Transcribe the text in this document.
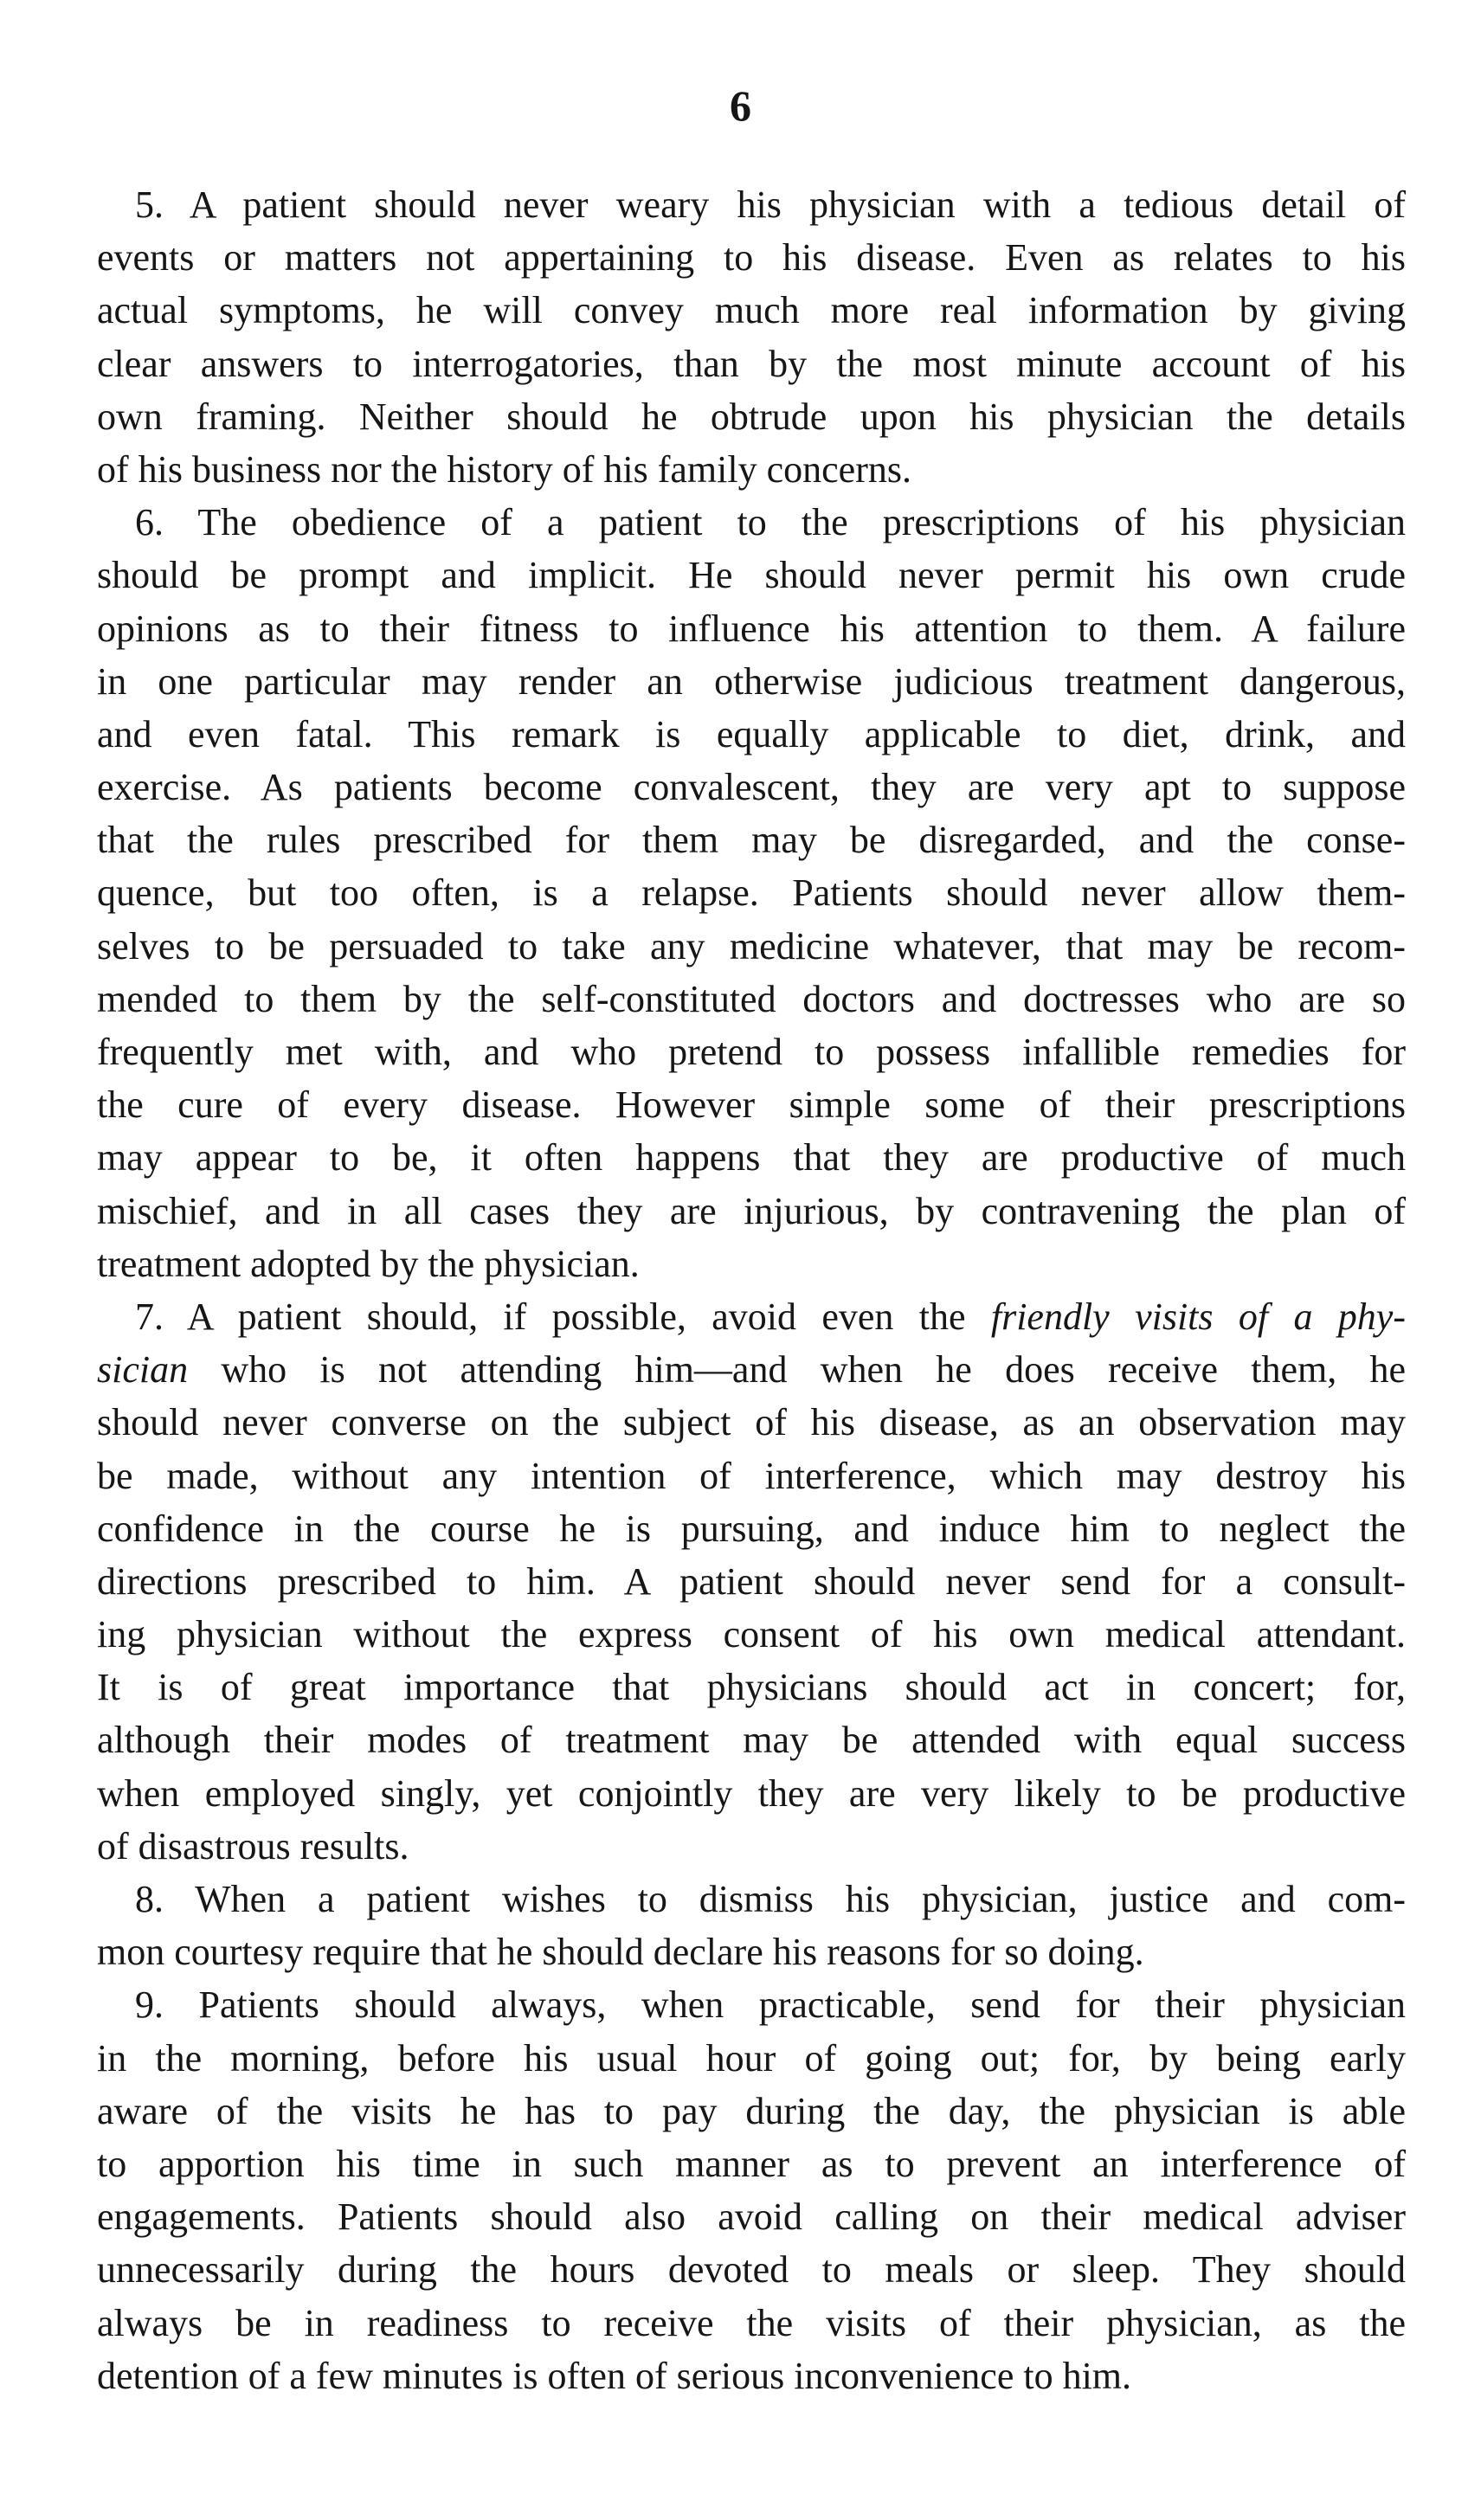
6
5. A patient should never weary his physician with a tedious detail of
events or matters not appertaining to his disease. Even as relates to his
actual symptoms, he will convey much more real information by giving
clear answers to interrogatories, than by the most minute account of his
own framing. Neither should he obtrude upon his physician the details
of his business nor the history of his family concerns.
6. The obedience of a patient to the prescriptions of his physician
should be prompt and implicit. He should never permit his own crude
opinions as to their fitness to influence his attention to them. A failure
in one particular may render an otherwise judicious treatment dangerous,
and even fatal. This remark is equally applicable to diet, drink, and
exercise. As patients become convalescent, they are very apt to suppose
that the rules prescribed for them may be disregarded, and the conse-
quence, but too often, is a relapse. Patients should never allow them-
selves to be persuaded to take any medicine whatever, that may be recom-
mended to them by the self-constituted doctors and doctresses who are so
frequently met with, and who pretend to possess infallible remedies for
the cure of every disease. However simple some of their prescriptions
may appear to be, it often happens that they are productive of much
mischief, and in all cases they are injurious, by contravening the plan of
treatment adopted by the physician.
7. A patient should, if possible, avoid even the friendly visits of a phy-
sician who is not attending him—and when he does receive them, he
should never converse on the subject of his disease, as an observation may
be made, without any intention of interference, which may destroy his
confidence in the course he is pursuing, and induce him to neglect the
directions prescribed to him. A patient should never send for a consult-
ing physician without the express consent of his own medical attendant.
It is of great importance that physicians should act in concert; for,
although their modes of treatment may be attended with equal success
when employed singly, yet conjointly they are very likely to be productive
of disastrous results.
8. When a patient wishes to dismiss his physician, justice and com-
mon courtesy require that he should declare his reasons for so doing.
9. Patients should always, when practicable, send for their physician
in the morning, before his usual hour of going out; for, by being early
aware of the visits he has to pay during the day, the physician is able
to apportion his time in such manner as to prevent an interference of
engagements. Patients should also avoid calling on their medical adviser
unnecessarily during the hours devoted to meals or sleep. They should
always be in readiness to receive the visits of their physician, as the
detention of a few minutes is often of serious inconvenience to him.
